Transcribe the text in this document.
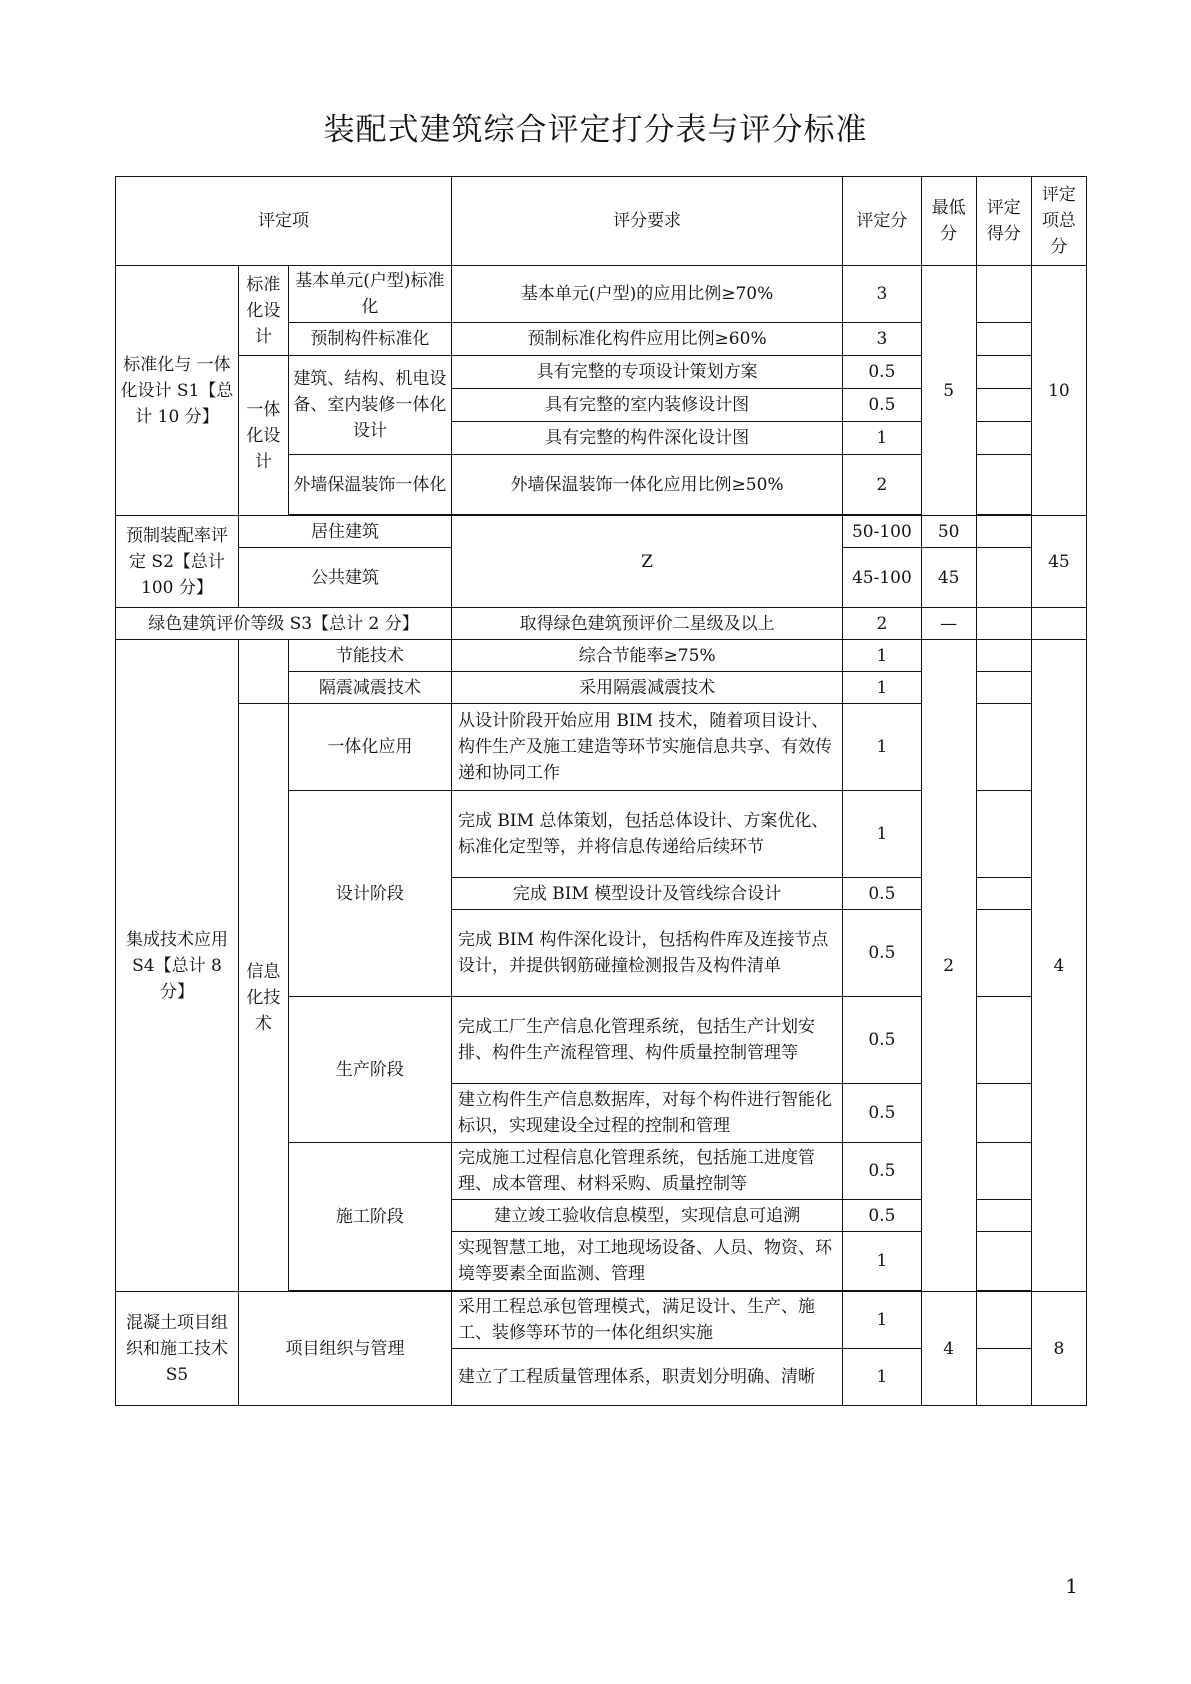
装配式建筑综合评定打分表与评分标准
评定项			评分要求	评定分	最低分	评定得分	评定项总分
标准化与 一体化设计 S1【总计 10 分】	标准化设计	基本单元(户型)标准化	基本单元(户型)的应用比例≥70%	3	5		10
		预制构件标准化	预制标准化构件应用比例≥60%	3			
	一体化设计	建筑、结构、机电设备、室内装修一体化设计	具有完整的专项设计策划方案	0.5			
			具有完整的室内装修设计图	0.5			
			具有完整的构件深化设计图	1			
		外墙保温装饰一体化	外墙保温装饰一体化应用比例≥50%	2			

预制装配率评定 S2【总计 100 分】	居住建筑		Z	50-100	50		45
	公共建筑			45-100	45		
绿色建筑评价等级 S3【总计 2 分】			取得绿色建筑预评价二星级及以上	2	—		
集成技术应用 S4【总计 8 分】		节能技术	综合节能率≥75%	1	2		4
		隔震减震技术	采用隔震减震技术	1			
	信息化技术	一体化应用	从设计阶段开始应用 BIM 技术，随着项目设计、构件生产及施工建造等环节实施信息共享、有效传递和协同工作	1			
		设计阶段	完成 BIM 总体策划，包括总体设计、方案优化、标准化定型等，并将信息传递给后续环节	1			
			完成 BIM 模型设计及管线综合设计	0.5			
			完成 BIM 构件深化设计，包括构件库及连接节点设计，并提供钢筋碰撞检测报告及构件清单	0.5			
		生产阶段	完成工厂生产信息化管理系统，包括生产计划安排、构件生产流程管理、构件质量控制管理等	0.5			
			建立构件生产信息数据库，对每个构件进行智能化标识，实现建设全过程的控制和管理	0.5			
		施工阶段	完成施工过程信息化管理系统，包括施工进度管理、成本管理、材料采购、质量控制等	0.5			
			建立竣工验收信息模型，实现信息可追溯	0.5			
			实现智慧工地，对工地现场设备、人员、物资、环境等要素全面监测、管理	1			

混凝土项目组织和施工技术 S5	项目组织与管理		采用工程总承包管理模式，满足设计、生产、施工、装修等环节的一体化组织实施	1	4		8
			建立了工程质量管理体系，职责划分明确、清晰	1			
1
